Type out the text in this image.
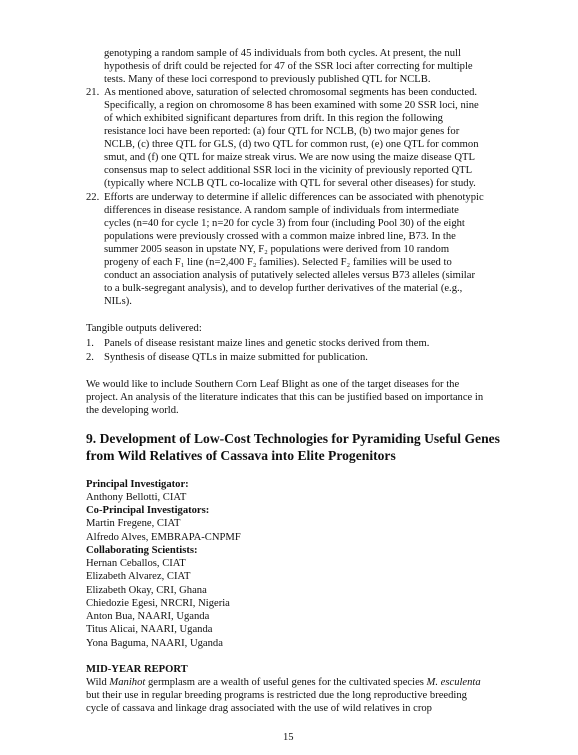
genotyping a random sample of 45 individuals from both cycles. At present, the null
hypothesis of drift could be rejected for 47 of the SSR loci after correcting for multiple
tests. Many of these loci correspond to previously published QTL for NCLB.
21. As mentioned above, saturation of selected chromosomal segments has been conducted.
Specifically, a region on chromosome 8 has been examined with some 20 SSR loci, nine
of which exhibited significant departures from drift. In this region the following
resistance loci have been reported: (a) four QTL for NCLB, (b) two major genes for
NCLB, (c) three QTL for GLS, (d) two QTL for common rust, (e) one QTL for common
smut, and (f) one QTL for maize streak virus. We are now using the maize disease QTL
consensus map to select additional SSR loci in the vicinity of previously reported QTL
(typically where NCLB QTL co-localize with QTL for several other diseases) for study.
22. Efforts are underway to determine if allelic differences can be associated with phenotypic
differences in disease resistance. A random sample of individuals from intermediate
cycles (n=40 for cycle 1; n=20 for cycle 3) from four (including Pool 30) of the eight
populations were previously crossed with a common maize inbred line, B73. In the
summer 2005 season in upstate NY, F₂ populations were derived from 10 random
progeny of each F₁ line (n=2,400 F₂ families). Selected F₂ families will be used to
conduct an association analysis of putatively selected alleles versus B73 alleles (similar
to a bulk-segregant analysis), and to develop further derivatives of the material (e.g.,
NILs).
Tangible outputs delivered:
1. Panels of disease resistant maize lines and genetic stocks derived from them.
2. Synthesis of disease QTLs in maize submitted for publication.
We would like to include Southern Corn Leaf Blight as one of the target diseases for the
project. An analysis of the literature indicates that this can be justified based on importance in
the developing world.
9. Development of Low-Cost Technologies for Pyramiding Useful Genes
from Wild Relatives of Cassava into Elite Progenitors
Principal Investigator:
Anthony Bellotti, CIAT
Co-Principal Investigators:
Martin Fregene, CIAT
Alfredo Alves, EMBRAPA-CNPMF
Collaborating Scientists:
Hernan Ceballos, CIAT
Elizabeth Alvarez, CIAT
Elizabeth Okay, CRI, Ghana
Chiedozie Egesi, NRCRI, Nigeria
Anton Bua, NAARI, Uganda
Titus Alicai, NAARI, Uganda
Yona Baguma, NAARI, Uganda
MID-YEAR REPORT
Wild Manihot germplasm are a wealth of useful genes for the cultivated species M. esculenta
but their use in regular breeding programs is restricted due the long reproductive breeding
cycle of cassava and linkage drag associated with the use of wild relatives in crop
15
